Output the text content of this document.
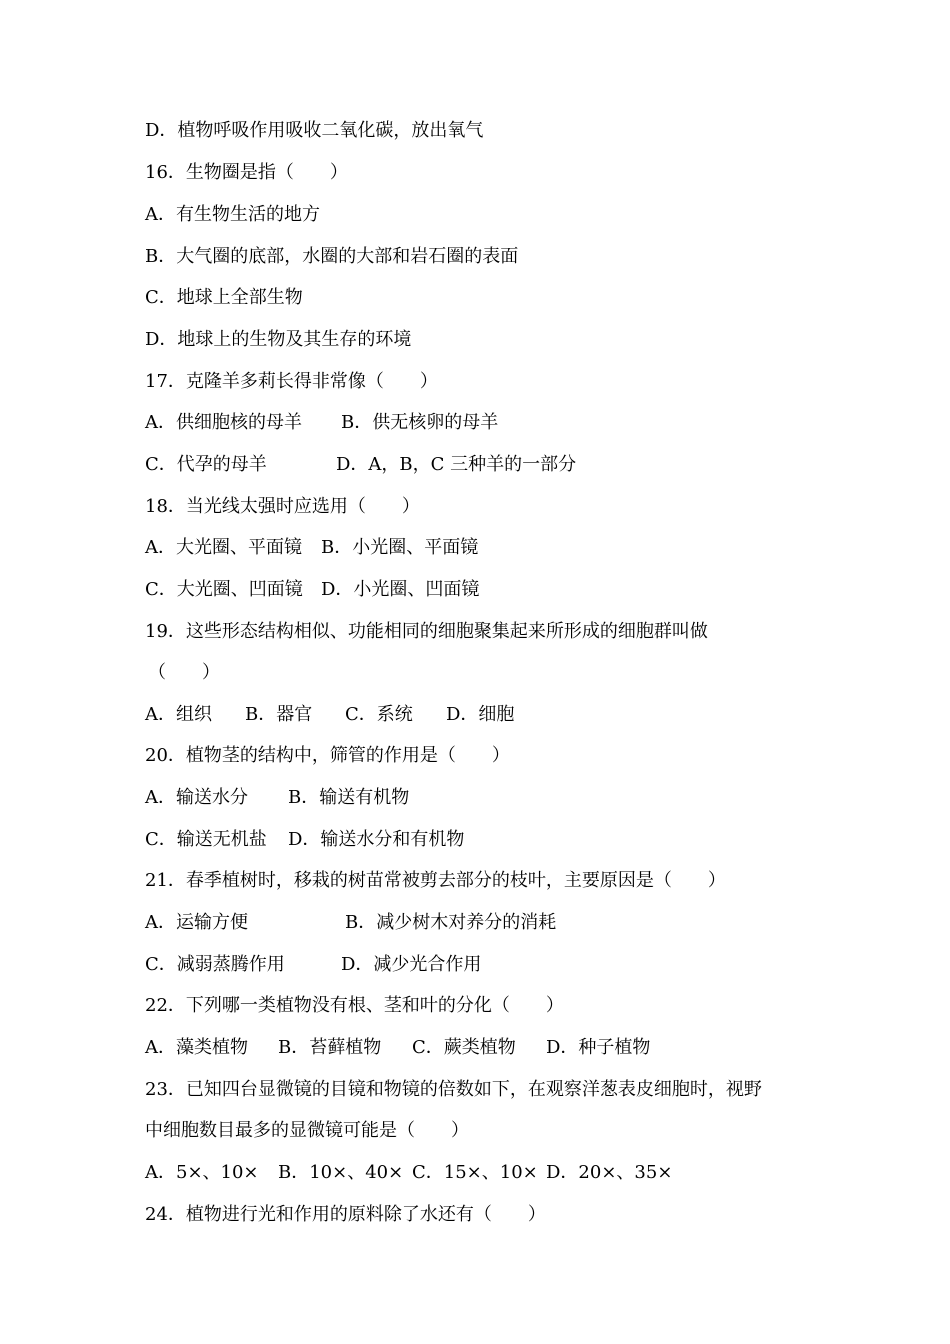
D．植物呼吸作用吸收二氧化碳，放出氧气
16．生物圈是指（　　）
A．有生物生活的地方
B．大气圈的底部，水圈的大部和岩石圈的表面
C．地球上全部生物
D．地球上的生物及其生存的环境
17．克隆羊多莉长得非常像（　　）
A．供细胞核的母羊 B．供无核卵的母羊
C．代孕的母羊	D．A，B，C 三种羊的一部分
18．当光线太强时应选用（　　）
A．大光圈、平面镜 B．小光圈、平面镜
C．大光圈、凹面镜 D．小光圈、凹面镜
19．这些形态结构相似、功能相同的细胞聚集起来所形成的细胞群叫做
（　　）
A．组织 B．器官 C．系统 D．细胞
20．植物茎的结构中，筛管的作用是（　　）
A．输送水分 B．输送有机物
C．输送无机盐 D．输送水分和有机物
21．春季植树时，移栽的树苗常被剪去部分的枝叶，主要原因是（　　）
A．运输方便	B．减少树木对养分的消耗
C．减弱蒸腾作用	D．减少光合作用
22．下列哪一类植物没有根、茎和叶的分化（　　）
A．藻类植物 B．苔藓植物 C．蕨类植物 D．种子植物
23．已知四台显微镜的目镜和物镜的倍数如下，在观察洋葱表皮细胞时，视野
中细胞数目最多的显微镜可能是（　　）
A．5×、10× B．10×、40× C．15×、10× D．20×、35×
24．植物进行光和作用的原料除了水还有（　　）
